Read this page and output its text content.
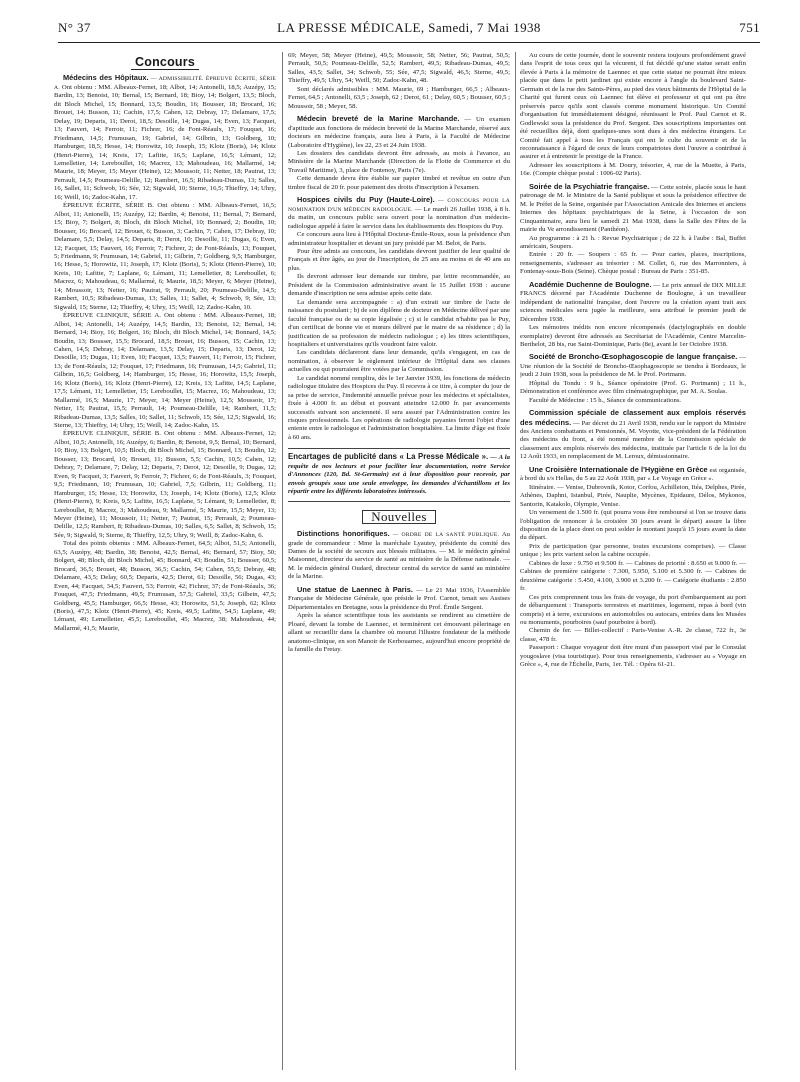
N° 37	LA PRESSE MÉDICALE, Samedi, 7 Mai 1938	751
Concours

Médecins des Hôpitaux. — ADMISSIBILITÉ. ÉPREUVE ÉCRITE, SÉRIE A. Ont obtenu : MM. Albeaux-Fernet, 18; Albot, 14; Antonelli, 18,5; Auzépy, 15; Bardin, 13; Benoist, 10; Bernal, 15; Bernard, 18; Bioy, 14; Bolgert, 13,5; Bloch, dit Bloch Michel, 15; Bonnard, 13,5; Boudin, 16; Bousser, 18; Brocard, 16; Brouet, 14; Busson, 11; Cachin, 17,5; Cahen, 12; Debray, 17; Delamare, 17,5; Delay, 19; Deparis, 11; Derot, 18,5; Desoille, 14; Dugas, 14; Even, 13; Facquet, 13; Fauvert, 14; Ferroir, 11; Fichrer, 16; de Font-Réaulx, 17; Fouquet, 16; Friedmann, 14,5; Frumusan, 19; Gabriel, 14; Gilbrin, 13; Goldberg, 10; Hamburger, 18,5; Hesse, 14; Horowitz, 10; Joseph, 15; Klotz (Boris), 14; Klotz (Henri-Pierre), 14; Kreis, 17; Lafitte, 16,5; Laplane, 16,5; Lémant, 12; Lemelletier, 14; Lereboullet, 16; Macrez, 13; Mahoudeau, 16; Mallarmé, 14; Maurie, 18; Meyer, 15; Meyer (Heine), 12; Moussoir, 11; Netter, 18; Pautrat, 13; Perrault, 14,5; Poumeau-Delille, 12; Rambert, 16,5; Ribadeau-Dumas, 13; Salles, 16, Sallet, 11; Schwob, 16; Sée, 12; Sigwald, 10; Sterne, 16,5; Thieffry, 14; Uhry, 16; Weill, 16; Zadoc-Kahn, 17.

ÉPREUVE ÉCRITE, SÉRIE B. Ont obtenu : MM. Albeaux-Fernet, 16,5; Albot, 11; Antonelli, 15; Auzépy, 12; Bardin, 4; Benoist, 11; Bernal, 7; Bernard, 15; Bioy, 7; Bolgert, 8; Bloch, dit Bloch Michel, 10; Bonnard, 2; Boudin, 10; Bousser, 16; Brocard, 12; Brouet, 6; Busson, 3; Cachin, 7; Cahen, 17; Debray, 10; Delamare, 5,5; Delay, 14,5; Deparis, 8; Derot, 10; Desoille, 11; Dugas, 6; Even, 12; Facquet, 15; Fauvert, 16; Ferroir, 7; Fichrer, 2; de Font-Réaulx, 13; Fouquet, 5; Friedmann, 9; Frumusan, 14; Gabriel, 11; Gilbrin, 7; Goldberg, 9,5; Hamburger, 16; Hesse, 5; Horowitz, 11; Joseph, 17; Klotz (Boris), 5; Klotz (Henri-Pierre), 10; Kreis, 10; Lafitte, 7; Laplane, 6; Lémant, 11; Lemelletier, 8; Lereboullet, 6; Macrez, 6; Mahoudeau, 6; Mallarmé, 6; Maurie, 18,5; Meyer, 6; Meyer (Heine), 14; Moussoir, 13; Netter, 16; Pautrat, 9; Perrault, 20; Poumeau-Delille, 14,5; Rambert, 10,5; Ribadeau-Dumas, 13; Salles, 11; Sallet, 4; Schwob, 9; Sée, 13; Sigwald, 15; Sterne, 12; Thieffry, 4; Uhry, 15; Weill, 12; Zadoc-Kahn, 10.

ÉPREUVE CLINIQUE, SÉRIE A. Ont obtenu : MM. Albeaux-Fernet, 18; Albot, 14; Antonelli, 14; Auzépy, 14,5; Bardin, 13; Benoist, 12; Bernal, 14; Bernard, 14; Bioy, 16; Bolgert, 16; Bloch, dit Bloch Michel, 14; Bonnard, 14,5; Boudin, 13; Bousser, 15,5; Brocard, 18,5; Brouet, 16; Busson, 15; Cachin, 13; Cahen, 14,5; Debray, 14; Delamare, 13,5; Delay, 15; Deparis, 13; Derot, 12; Desoille, 15; Dugas, 11; Even, 10; Facquet, 13,5; Fauvert, 11; Ferroir, 15; Fichrer, 13; de Font-Réaulx, 12; Fouquet, 17; Friedmann, 16; Frumusan, 14,5; Gabriel, 11; Gilbrin, 16,5; Goldberg, 14; Hamburger, 15; Hesse, 16; Horowitz, 15,5; Joseph, 16; Klotz (Boris), 16; Klotz (Henri-Pierre), 12; Kreis, 13; Lafitte, 14,5; Laplane, 17,5; Lémant, 11; Lemelletier, 15; Lereboullet, 15; Macrez, 16; Mahoudeau, 13; Mallarmé, 16,5; Maurie, 17; Meyer, 14; Meyer (Heine), 12,5; Moussoir, 17; Netter, 15; Pautrat, 15,5; Perrault, 14; Poumeau-Delille, 14; Rambert, 11,5; Ribadeau-Dumas, 13,5; Salles, 10; Sallet, 11; Schwob, 15; Sée, 12,5; Sigwald, 16; Sterne, 13; Thieffry, 14; Uhry, 15; Weill, 14; Zadoc-Kahn, 15.

ÉPREUVE CLINIQUE, SÉRIE B. Ont obtenu : MM. Albeaux-Fernet, 12; Albot, 10,5; Antonelli, 16; Auzépy, 6; Bardin, 8; Benoist, 9,5; Bernal, 10; Bernard, 10; Bioy, 13; Bolgert, 10,5; Bloch, dit Bloch Michel, 15; Bonnard, 13; Boudin, 12; Bousser, 13; Brocard, 10; Brouet, 11; Busson, 5,5; Cachin, 10,5; Cahen, 12; Debray, 7; Delamare, 7; Delay, 12; Deparis, 7; Derot, 12; Desoille, 9; Dugas, 12; Even, 9; Facquet, 3; Fauvert, 9; Ferroir, 7; Fichrer, 6; de Font-Réaulx, 3; Fouquet, 9,5; Friedmann, 10; Frumusan, 10; Gabriel, 7,5; Gilbrin, 11; Goldberg, 11; Hamburger, 15; Hesse, 13; Horowitz, 13; Joseph, 14; Klotz (Boris), 12,5; Klotz (Henri-Pierre), 9; Kreis, 9,5; Lafitte, 16,5; Laplane, 5; Lémant, 9; Lemelletier, 8; Lereboullet, 8; Macrez, 3; Mahoudeau, 9; Mallarmé, 5; Maurie, 15,5; Meyer, 13; Meyer (Heine), 11; Moussoir, 11; Netter, 7; Pautrat, 15; Perrault, 2; Poumeau-Delille, 12,5; Rambert, 8; Ribadeau-Dumas, 10; Salles, 6,5; Sallet, 8; Schwob, 15; Sée, 9; Sigwald, 9; Sterne, 8; Thieffry, 12,5; Uhry, 9; Weill, 8; Zadoc-Kahn, 6.

Total des points obtenus : MM. Albeaux-Fernet, 64,5; Albot, 51,5; Antonelli, 63,5; Auzépy, 48; Bardin, 38; Benoist, 42,5; Bernal, 46; Bernard, 57; Bioy, 50; Bolgert, 48; Bloch, dit Bloch Michel, 45; Bonnard, 43; Boudin, 51; Bousser, 60,5; Brocard, 36,5; Brouet, 48; Busson, 36,5; Cachin, 54; Cahen, 55,5; Debray, 48; Delamare, 43,5; Delay, 60,5; Deparis, 42,5; Derot, 61; Desoille, 56; Dugas, 43; Even, 44; Facquet, 34,5; Fauvert, 53; Ferroir, 42; Fichrer, 37; de Font-Réaulx, 36; Fouquet, 47,5; Friedmann, 49,5; Frumusan, 57,5; Gabriel, 33,5; Gilbein, 47,5; Goldberg, 45,5; Hamburger, 66,5; Hesse, 43; Horowitz, 51,5; Joseph, 62; Klotz (Boris), 47,5; Klotz (Henri-Pierre), 45; Kreis, 49,5; Lafitte, 54,5; Laplane, 49; Lémant, 49; Lemelletier, 45,5; Lereboullet, 45; Macrez, 38; Mahoudeau, 44; Mallarmé, 41,5; Maurie,

69; Meyer, 58; Meyer (Heine), 49,5; Moussoir, 58; Netter, 56; Pautrat, 50,5; Perrault, 50,5; Poumeau-Delille, 52,5; Rambert, 49,5; Ribadeau-Dumas, 49,5; Salles, 43,5; Sallet, 34; Schwob, 55; Sée, 47,5; Sigwald, 46,5; Sterne, 49,5; Thieffry, 49,5; Uhry, 54; Weill, 50; Zadoc-Kahn, 48.

Sont déclarés admissibles : MM. Maurie, 69 ; Hamburger, 66,5 ; Albeaux-Fernet, 64,5 ; Antonelli, 63,5 ; Joseph, 62 ; Derot, 61 ; Delay, 60,5 ; Bousser, 60,5 ; Moussoir, 58 ; Meyer, 58.

Médecin breveté de la Marine Marchande. — Un examen d'aptitude aux fonctions de médecin breveté de la Marine Marchande, réservé aux docteurs en médecine français, aura lieu à Paris, à la Faculté de Médecine (Laboratoire d'Hygiène), les 22, 23 et 24 Juin 1938.

Les dossiers des candidats devront être adressés, au mois à l'avance, au Ministère de la Marine Marchande (Direction de la Flotte de Commerce et du Travail Maritime), 3, place de Fontenoy, Paris (7e).

Cette demande devra être établie sur papier timbré et revêtue en outre d'un timbre fiscal de 20 fr. pour paiement des droits d'inscription à l'examen.

Hospices civils du Puy (Haute-Loire). — CONCOURS POUR LA NOMINATION D'UN MÉDECIN RADIOLOGUE. — Le mardi 26 Juillet 1938, à 8 h. du matin, un concours public sera ouvert pour la nomination d'un médecin-radiologue appelé à faire le service dans les établissements des Hospices du Puy.

Ce concours aura lieu à l'Hôpital Docteur-Émile-Roux, sous la présidence d'un administrateur hospitalier et devant un jury présidé par M. Belot, de Paris.

Pour être admis au concours, les candidats devront justifier de leur qualité de Français et être âgés, au jour de l'inscription, de 25 ans au moins et de 40 ans au plus.

Ils devront adresser leur demande sur timbre, par lettre recommandée, au Président de la Commission administrative avant le 15 Juillet 1938 : aucune demande d'inscription ne sera admise après cette date.

La demande sera accompagnée : a) d'un extrait sur timbre de l'acte de naissance du postulant ; b) de son diplôme de docteur en Médecine délivré par une faculté française ou de sa copie légalisée ; c) si le candidat n'habite pas le Puy, d'un certificat de bonne vie et mœurs délivré par le maire de sa résidence ; d) la justification de sa profession de médecin radiologue ; e) les titres scientifiques, hospitaliers et universitaires qu'ils voudront faire valoir.

Les candidats déclareront dans leur demande, qu'ils s'engagent, en cas de nomination, à observer le règlement intérieur de l'Hôpital dans ses clauses actuelles ou qui pourraient être votées par la Commission.

Le candidat nommé remplira, dès le 1er Janvier 1939, les fonctions de médecin radiologue titulaire des Hospices du Puy. Il recevra à ce titre, à compter du jour de sa prise de service, l'indemnité annuelle prévue pour les médecins et spécialistes, fixée à 4.000 fr. au début et pouvant atteindre 12.000 fr. par avancements successifs suivant son ancienneté. Il sera assuré par l'Administration contre les risques professionnels. Les opérations de radiologie payantes feront l'objet d'une entente entre le radiologue et l'administration hospitalière. La limite d'âge est fixée à 60 ans.

Encartages de publicité dans « La Presse Médicale ». — A la requête de nos lecteurs et pour faciliter leur documentation, notre Service d'Annonces (120, Bd. St-Germain) est à leur disposition pour recevoir, par envois groupés sous une seule enveloppe, les demandes d'échantillons et les répartir entre les différents laboratoires intéressés.

Nouvelles

Distinctions honorifiques. — ORDRE DE LA SANTÉ PUBLIQUE. Au grade de commandeur : Mme la maréchale Lyautey, présidente du comité des Dames de la société de secours aux blessés militaires. — M. le médecin général Maisonnet, directeur du service de santé au ministère de la Défense nationale. — M. le médecin général Oudard, directeur central du service de santé au ministère de la Marine.

Une statue de Laennec à Paris. — Le 21 Mai 1936, l'Assemblée Française de Médecine Générale, que préside le Prof. Carnot, tenait ses Assises Départementales en Bretagne, sous la présidence du Prof. Émile Sergent.

Après la séance scientifique tous les assistants se rendirent au cimetière de Ploaré, devant la tombe de Laennec, et terminèrent cet émouvant pèlerinage en allant se recueillir dans la chambre où mourut l'illustre fondateur de la méthode anatomo-clinique, en son Manoir de Kerbouarnec, aujourd'hui encore propriété de la famille du Fretay.

Au cours de cette journée, dont le souvenir restera toujours profondément gravé dans l'esprit de tous ceux qui la vécurent, il fut décidé qu'une statue serait enfin élevée à Paris à la mémoire de Laennec et que cette statue ne pourrait être mieux placée que dans le petit jardinet qui existe encore à l'angle du boulevard Saint-Germain et de la rue des Saints-Pères, au pied des vieux bâtiments de l'Hôpital de la Charité qui furent ceux où Laennec fut élève et professeur et qui ont pu être préservés parce qu'ils sont classés comme monument historique. Un Comité d'organisation fut immédiatement désigné, réunissant le Prof. Paul Carnot et R. Godlewski sous la présidence du Prof. Sergent. Des souscriptions importantes ont été recueillies déjà, dont quelques-unes sont dues à des médecins étrangers. Le Comité fait appel à tous les Français qui ont le culte du souvenir et de la reconnaissance à l'égard de ceux de leurs compatriotes dont l'œuvre a contribué à assurer et à entretenir le prestige de la France.

Adresser les souscriptions à M. Doury, trésorier, 4, rue de la Muette, à Paris, 16e. (Compte chèque postal : 1006-02 Paris).

Soirée de la Psychiatrie française. — Cette soirée, placée sous le haut patronage de M. le Ministre de la Santé publique et sous la présidence effective de M. le Préfet de la Seine, organisée par l'Association Amicale des Internes et anciens Internes des hôpitaux psychiatriques de la Seine, à l'occasion de son Cinquantenaire, aura lieu le samedi 21 Mai 1938, dans la Salle des Fêtes de la mairie du Ve arrondissement (Panthéon).

Au programme : à 21 h. : Revue Psychiatrique ; de 22 h. à l'aube : Bal, Buffet américain, Soupers.

Entrée : 20 fr. — Soupers : 65 fr. — Pour cartes, places, inscriptions, renseignements, s'adresser au trésorier : M. Collet, 6, rue des Marronniers, à Fontenay-sous-Bois (Seine). Chèque postal : Bureau de Paris : 351-85.

Académie Duchenne de Boulogne. — Le prix annuel de DIX MILLE FRANCS décerné par l'Académie Duchenne de Boulogne, à un travailleur indépendant de nationalité française, dont l'œuvre ou la création ayant trait aux sciences médicales sera jugée la meilleure, sera attribué le premier jeudi de Décembre 1938.

Les mémoires inédits non encore récompensés (dactylographiés en double exemplaire) devront être adressés au Secrétariat de l'Académie, Centre Marcelin-Berthelot, 28 bis, rue Saint-Dominique, Paris (8e), avant le 1er Octobre 1938.

Société de Broncho-Œsophagoscopie de langue française. — Une réunion de la Société de Broncho-Œsophagoscopie se tiendra à Bordeaux, le jeudi 2 Juin 1938, sous la présidence de M. le Prof. Portmann.

Hôpital du Tondu : 9 h., Séance opératoire (Prof. G. Portmann) ; 11 h., Démonstration et conférence avec film cinématographique, par M. A. Soulas.

Faculté de Médecine : 15 h., Séance de communications.

Commission spéciale de classement aux emplois réservés des médecins. — Par décret du 21 Avril 1938, rendu sur le rapport du Ministre des Anciens combattants et Pensionnés, M. Voyotte, vice-président de la Fédération des médecins du front, a été nommé membre de la Commission spéciale de classement aux emplois réservés des médecins, instituée par l'article 6 de la loi du 12 Août 1933, en remplacement de M. Leroux, démissionnaire.

Une Croisière Internationale de l'Hygiène en Grèce est organisée, à bord du s/s Hellas, du 5 au 22 Août 1938, par « Le Voyage en Grèce ».

Itinéraire. — Venise, Dubrovnik, Kotor, Corfou, Achilleion, Itéa, Delphes, Pirée, Athènes, Daphni, Istanbul, Pirée, Nauplie, Mycènes, Epidaure, Délos, Mykonos, Santorin, Katakolo, Olympie, Venise.

Un versement de 1.500 fr. (qui pourra vous être remboursé si l'on se trouve dans l'obligation de renoncer à la croisière 30 jours avant le départ) assure la libre disposition de la place dont on peut solder le montant jusqu'à 15 jours avant la date du départ.

Prix de participation (par personne, toutes excursions comprises). — Classe unique ; les prix varient selon la cabine occupée.

Cabines de luxe : 9.750 et 9.500 fr. — Cabines de priorité : 8.650 et 9.000 fr. — Cabines de première catégorie : 7.300, 5.950, 5.100 et 5.300 fr. — Cabines de deuxième catégorie : 5.450, 4.100, 3.900 et 3.200 fr. — Catégorie étudiants : 2.850 fr.

Ces prix comprennent tous les frais de voyage, du port d'embarquement au port de débarquement : Transports terrestres et maritimes, logement, repas à bord (vin compris) et à terre, excursions en automobiles ou autocars, entrées dans les Musées ou monuments, pourboires (sauf pourboire à bord).

Chemin de fer. — Billet-collectif : Paris-Venise A.-R. 2e classe, 722 fr., 3e classe, 478 fr.

Passeport : Chaque voyageur doit être muni d'un passeport visé par le Consulat yougoslave (visa touristique). Pour tous renseignements, s'adresser au « Voyage en Grèce », 4, rue de l'Échelle, Paris, 1er. Tél. : Opéra 61-21.
